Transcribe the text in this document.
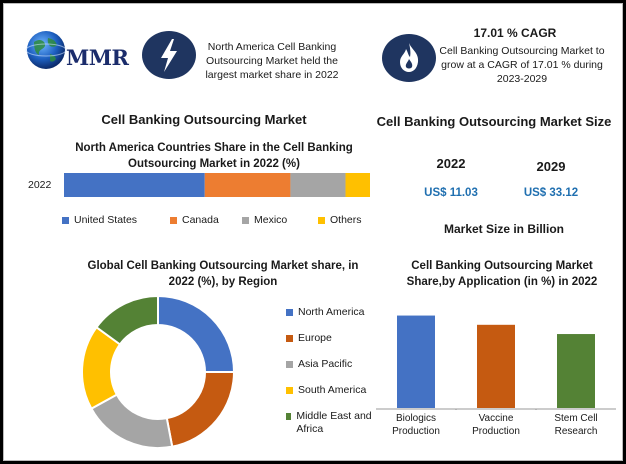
MMR	North America Cell Banking Outsourcing Market held the largest market share in 2022
17.01 % CAGR
Cell Banking Outsourcing Market to grow at a CAGR of 17.01 % during 2023-2029
Cell Banking Outsourcing Market	Cell Banking Outsourcing Market Size
North America Countries Share in the Cell Banking Outsourcing Market in 2022 (%)
2022
United States	Canada	Mexico	Others
2022	2029
US$ 11.03	US$ 33.12
Market Size in Billion
Global Cell Banking Outsourcing Market share, in 2022 (%), by Region
North America
Europe
Asia Pacific
South America
Middle East and Africa
Cell Banking Outsourcing Market Share,by Application (in %) in 2022
Biologics
Production
Vaccine
Production
Stem Cell
Research
